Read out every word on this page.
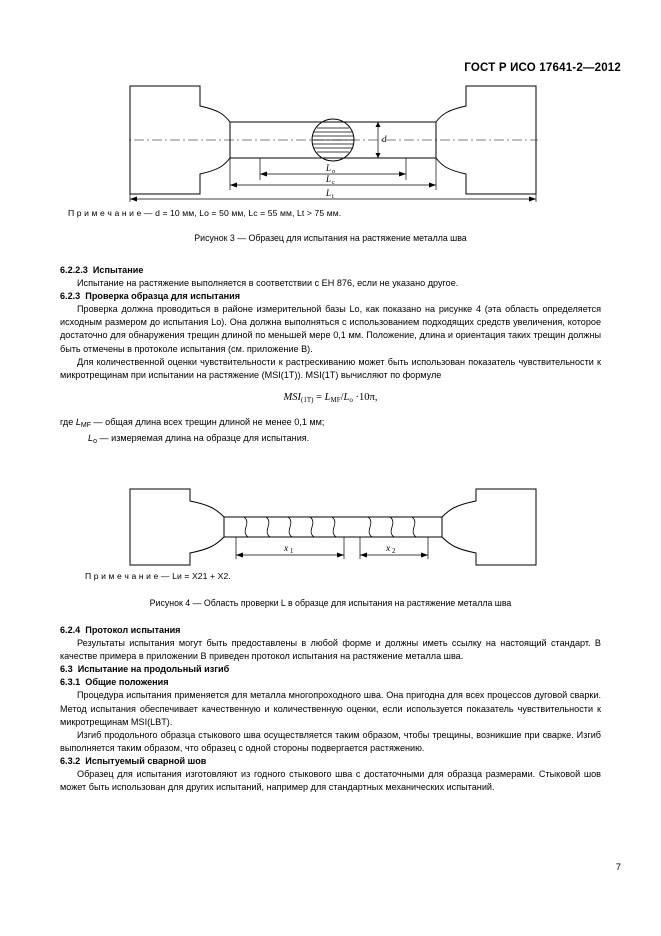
ГОСТ Р ИСО 17641-2—2012
d
L o
L c
L t
П р и м е ч а н и е — d = 10 мм, Lo = 50 мм, Lc = 55 мм, Lt > 75 мм.
Рисунок 3 — Образец для испытания на растяжение металла шва
6.2.2.3 Испытание

Испытание на растяжение выполняется в соответствии с ЕН 876, если не указано другое.

6.2.3 Проверка образца для испытания

Проверка должна проводиться в районе измерительной базы Lo, как показано на рисунке 4 (эта область определяется исходным размером до испытания Lo). Она должна выполняться с использованием подходящих средств увеличения, которое достаточно для обнаружения трещин длиной по меньшей мере 0,1 мм. Положение, длина и ориентация таких трещин должны быть отмечены в протоколе испытания (см. приложение В).

Для количественной оценки чувствительности к растрескиванию может быть использован показатель чувствительности к микротрещинам при испытании на растяжение (MSI(1T)). MSI(1T) вычисляют по формуле

$MSI_{(1T)} = L_{MF}/L_o \cdot 10\pi$,

где $L_{MF}$ — общая длина всех трещин длиной не менее 0,1 мм;

$L_o$ — измеряемая длина на образце для испытания.

x 1	x 2
П р и м е ч а н и е — Lи = X21 + X2.
Рисунок 4 — Область проверки L в образце для испытания на растяжение металла шва
6.2.4 Протокол испытания

Результаты испытания могут быть предоставлены в любой форме и должны иметь ссылку на настоящий стандарт. В качестве примера в приложении В приведен протокол испытания на растяжение металла шва.

6.3 Испытание на продольный изгиб
6.3.1 Общие положения

Процедура испытания применяется для металла многопроходного шва. Она пригодна для всех процессов дуговой сварки. Метод испытания обеспечивает качественную и количественную оценки, если используется показатель чувствительности к микротрещинам MSI(LBT).

Изгиб продольного образца стыкового шва осуществляется таким образом, чтобы трещины, возникшие при сварке. Изгиб выполняется таким образом, что образец с одной стороны подвергается растяжению.

6.3.2 Испытуемый сварной шов

Образец для испытания изготовляют из годного стыкового шва с достаточными для образца размерами. Стыковой шов может быть использован для других испытаний, например для стандартных механических испытаний.

7
